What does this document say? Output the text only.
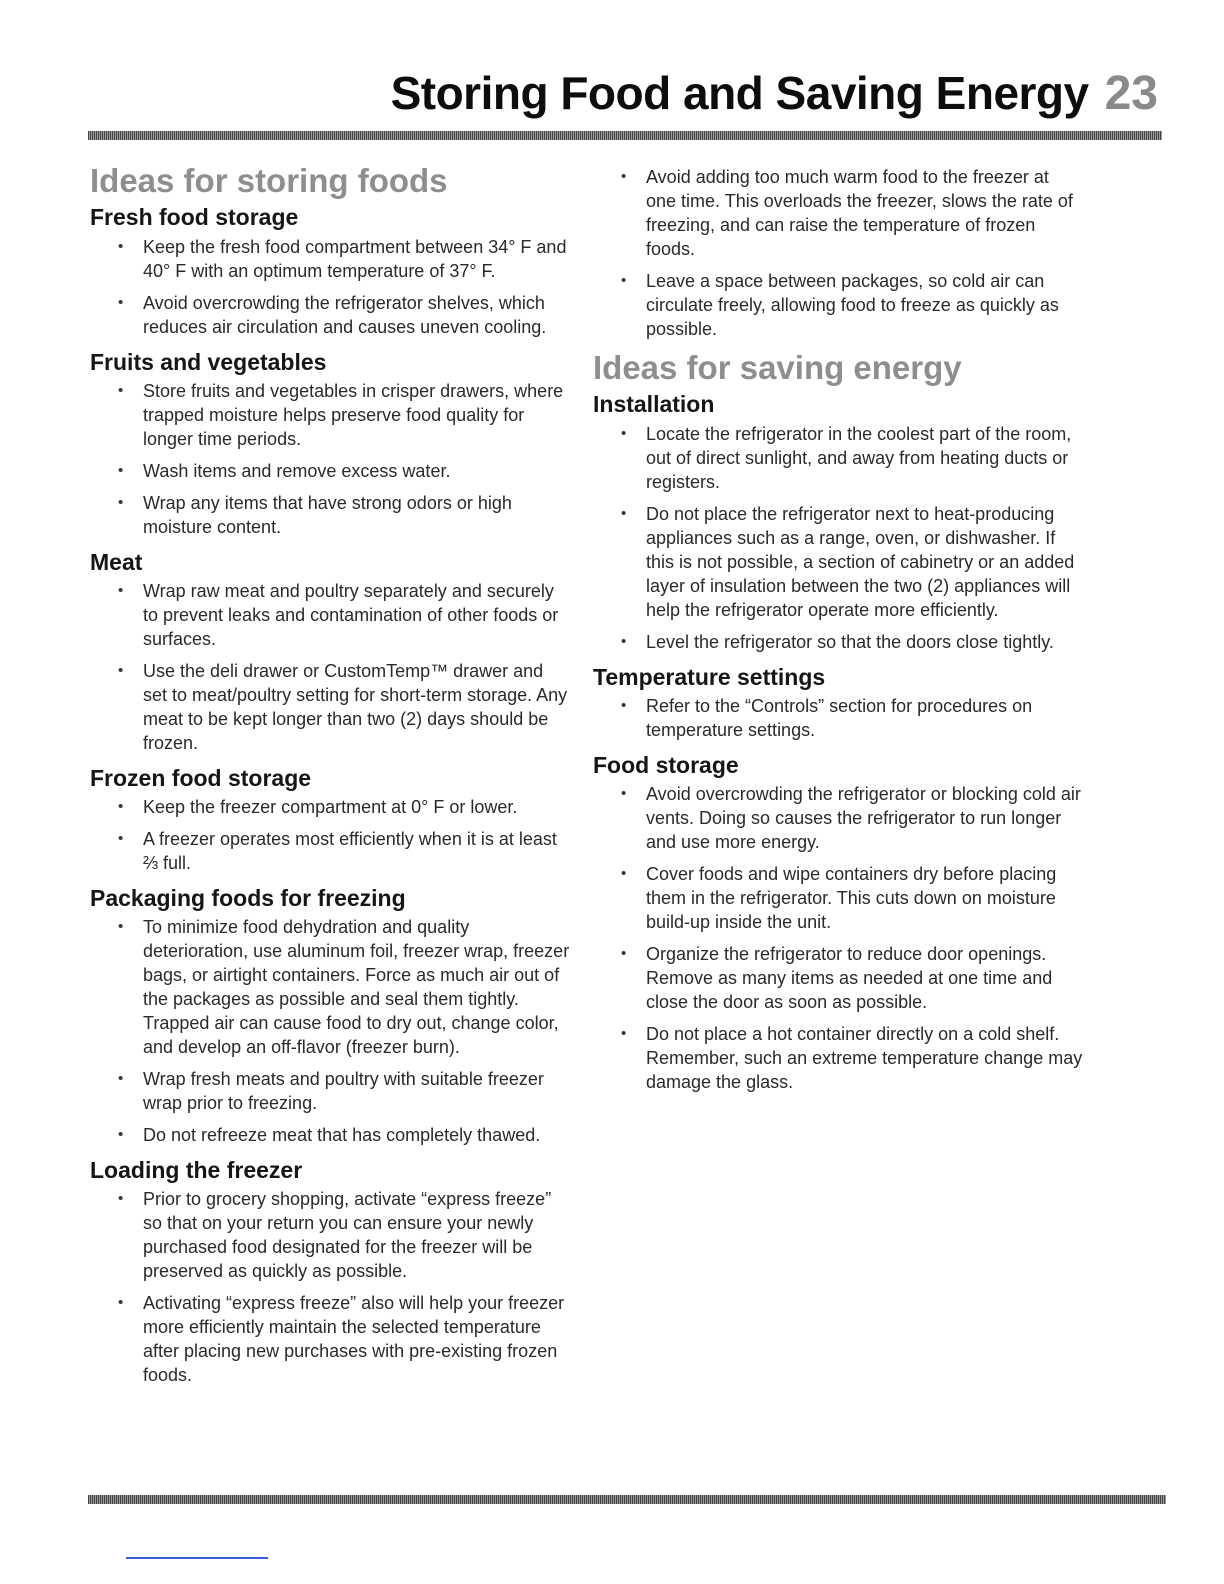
Storing Food and Saving Energy 23
Ideas for storing foods
Fresh food storage
• Keep the fresh food compartment between 34° F and 40° F with an optimum temperature of 37° F.
• Avoid overcrowding the refrigerator shelves, which reduces air circulation and causes uneven cooling.
Fruits and vegetables
• Store fruits and vegetables in crisper drawers, where trapped moisture helps preserve food quality for longer time periods.
• Wash items and remove excess water.
• Wrap any items that have strong odors or high moisture content.
Meat
• Wrap raw meat and poultry separately and securely to prevent leaks and contamination of other foods or surfaces.
• Use the deli drawer or CustomTemp™ drawer and set to meat/poultry setting for short-term storage. Any meat to be kept longer than two (2) days should be frozen.
Frozen food storage
• Keep the freezer compartment at 0° F or lower.
• A freezer operates most efficiently when it is at least ⅔ full.
Packaging foods for freezing
• To minimize food dehydration and quality deterioration, use aluminum foil, freezer wrap, freezer bags, or airtight containers. Force as much air out of the packages as possible and seal them tightly. Trapped air can cause food to dry out, change color, and develop an off-flavor (freezer burn).
• Wrap fresh meats and poultry with suitable freezer wrap prior to freezing.
• Do not refreeze meat that has completely thawed.
Loading the freezer
• Prior to grocery shopping, activate “express freeze” so that on your return you can ensure your newly purchased food designated for the freezer will be preserved as quickly as possible.
• Activating “express freeze” also will help your freezer more efficiently maintain the selected temperature after placing new purchases with pre-existing frozen foods.
• Avoid adding too much warm food to the freezer at one time. This overloads the freezer, slows the rate of freezing, and can raise the temperature of frozen foods.
• Leave a space between packages, so cold air can circulate freely, allowing food to freeze as quickly as possible.
Ideas for saving energy
Installation
• Locate the refrigerator in the coolest part of the room, out of direct sunlight, and away from heating ducts or registers.
• Do not place the refrigerator next to heat-producing appliances such as a range, oven, or dishwasher. If this is not possible, a section of cabinetry or an added layer of insulation between the two (2) appliances will help the refrigerator operate more efficiently.
• Level the refrigerator so that the doors close tightly.
Temperature settings
• Refer to the “Controls” section for procedures on temperature settings.
Food storage
• Avoid overcrowding the refrigerator or blocking cold air vents. Doing so causes the refrigerator to run longer and use more energy.
• Cover foods and wipe containers dry before placing them in the refrigerator. This cuts down on moisture build-up inside the unit.
• Organize the refrigerator to reduce door openings. Remove as many items as needed at one time and close the door as soon as possible.
• Do not place a hot container directly on a cold shelf. Remember, such an extreme temperature change may damage the glass.
